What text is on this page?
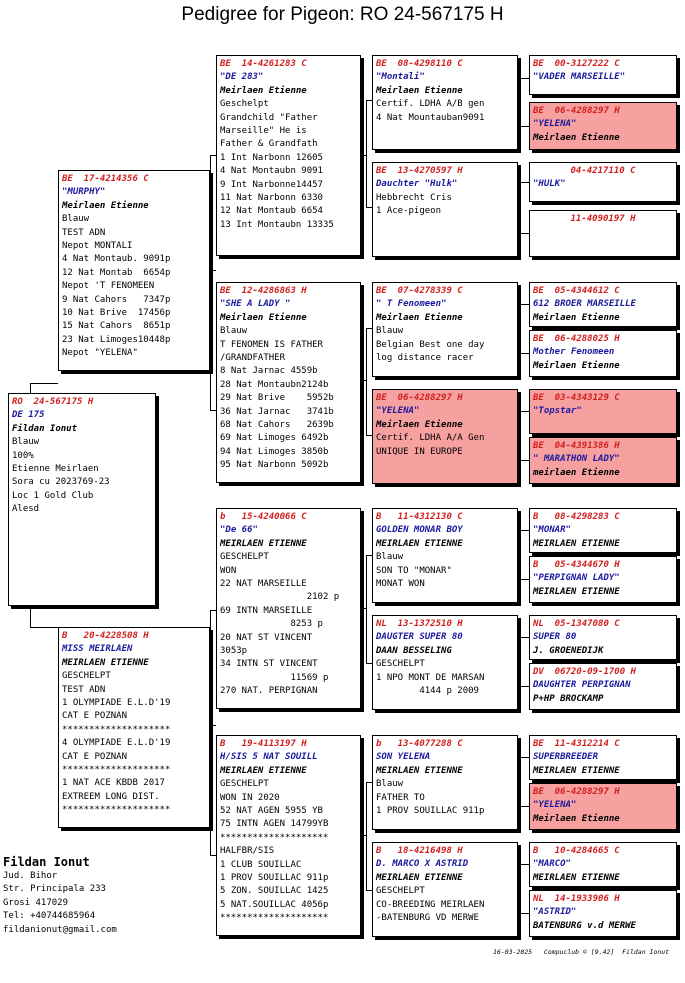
Pedigree for Pigeon: RO 24-567175 H
RO  24-567175 H
DE 175
Fildan Ionut
Blauw
100%
Etienne Meirlaen
Sora cu 2023769-23
Loc 1 Gold Club
Alesd
BE  17-4214356 C
"MURPHY"
Meirlaen Etienne
Blauw
TEST ADN
Nepot MONTALI
4 Nat Montaub. 9091p
12 Nat Montab  6654p
Nepot 'T FENOMEEN
9 Nat Cahors   7347p
10 Nat Brive  17456p
15 Nat Cahors  8651p
23 Nat Limoges10448p
Nepot "YELENA"
B   20-4228508 H
MISS MEIRLAEN
MEIRLAEN ETIENNE
GESCHELPT
TEST ADN
1 OLYMPIADE E.L.D'19
CAT E POZNAN
********************
4 OLYMPIADE E.L.D'19
CAT E POZNAN
********************
1 NAT ACE KBDB 2017
EXTREEM LONG DIST.
********************
BE  14-4261283 C
"DE 283"
Meirlaen Etienne
Geschelpt
Grandchild "Father
Marseille" He is
Father & Grandfath
1 Int Narbonn 12605
4 Nat Montaubn 9091
9 Int Narbonne14457
11 Nat Narbonn 6330
12 Nat Montaub 6654
13 Int Montaubn 13335
BE  12-4286863 H
"SHE A LADY "
Meirlaen Etienne
Blauw
T FENOMEN IS FATHER
/GRANDFATHER
8 Nat Jarnac 4559b
28 Nat Montaubn2124b
29 Nat Brive    5952b
36 Nat Jarnac   3741b
68 Nat Cahors   2639b
69 Nat Limoges 6492b
94 Nat Limoges 3850b
95 Nat Narbonn 5092b
b   15-4240066 C
"De 66"
MEIRLAEN ETIENNE
GESCHELPT
WON
22 NAT MARSEILLE
2102 p
69 INTN MARSEILLE
8253 p
20 NAT ST VINCENT
3053p
34 INTN ST VINCENT
11569 p
270 NAT. PERPIGNAN
B   19-4113197 H
H/SIS 5 NAT SOUILL
MEIRLAEN ETIENNE
GESCHELPT
WON IN 2020
52 NAT AGEN 5955 YB
75 INTN AGEN 14799YB
********************
HALFBR/SIS
1 CLUB SOUILLAC
1 PROV SOUILLAC 911p
5 ZON. SOUILLAC 1425
5 NAT.SOUILLAC 4056p
********************
BE  08-4298110 C
"Montali"
Meirlaen Etienne
Certif. LDHA A/B gen
4 Nat Mountauban9091
BE  13-4270597 H
Dauchter "Hulk"
Hebbrecht Cris
1 Ace-pigeon
BE  07-4278339 C
" T Fenomeen"
Meirlaen Etienne
Blauw
Belgian Best one day
log distance racer
BE  06-4288297 H
"YELENA"
Meirlaen Etienne
Certif. LDHA A/A Gen
UNIQUE IN EUROPE
B   11-4312130 C
GOLDEN MONAR BOY
MEIRLAEN ETIENNE
Blauw
SON TO "MONAR"
MONAT WON
NL  13-1372510 H
DAUGTER SUPER 80
DAAN BESSELING
GESCHELPT
1 NPO MONT DE MARSAN
4144 p 2009
b   13-4077288 C
SON YELENA
MEIRLAEN ETIENNE
Blauw
FATHER TO
1 PROV SOUILLAC 911p
B   18-4216498 H
D. MARCO X ASTRID
MEIRLAEN ETIENNE
GESCHELPT
CO-BREEDING MEIRLAEN
-BATENBURG VD MERWE
BE  00-3127222 C
"VADER MARSEILLE"
BE  06-4288297 H
"YELENA"
Meirlaen Etienne
04-4217110 C
"HULK"
11-4090197 H
BE  05-4344612 C
612 BROER MARSEILLE
Meirlaen Etienne
BE  06-4288025 H
Mother Fenomeen
Meirlaen Etienne
BE  03-4343129 C
"Topstar"
BE  04-4391386 H
" MARATHON LADY"
meirlaen Etienne
B   08-4298283 C
"MONAR"
MEIRLAEN ETIENNE
B   05-4344670 H
"PERPIGNAN LADY"
MEIRLAEN ETIENNE
NL  05-1347080 C
SUPER 80
J. GROENEDIJK
DV  06720-09-1700 H
DAUGHTER PERPIGNAN
P+HP BROCKAMP
BE  11-4312214 C
SUPERBREEDER
MEIRLAEN ETIENNE
BE  06-4288297 H
"YELENA"
Meirlaen Etienne
B   10-4284665 C
"MARCO"
MEIRLAEN ETIENNE
NL  14-1933906 H
"ASTRID"
BATENBURG v.d MERWE
Fildan Ionut
Jud. Bihor
Str. Principala 233
Grosi 417029
Tel: +40744685964
fildanionut@gmail.com
16-03-2025   Compuclub © [9.42]  Fildan Ionut
